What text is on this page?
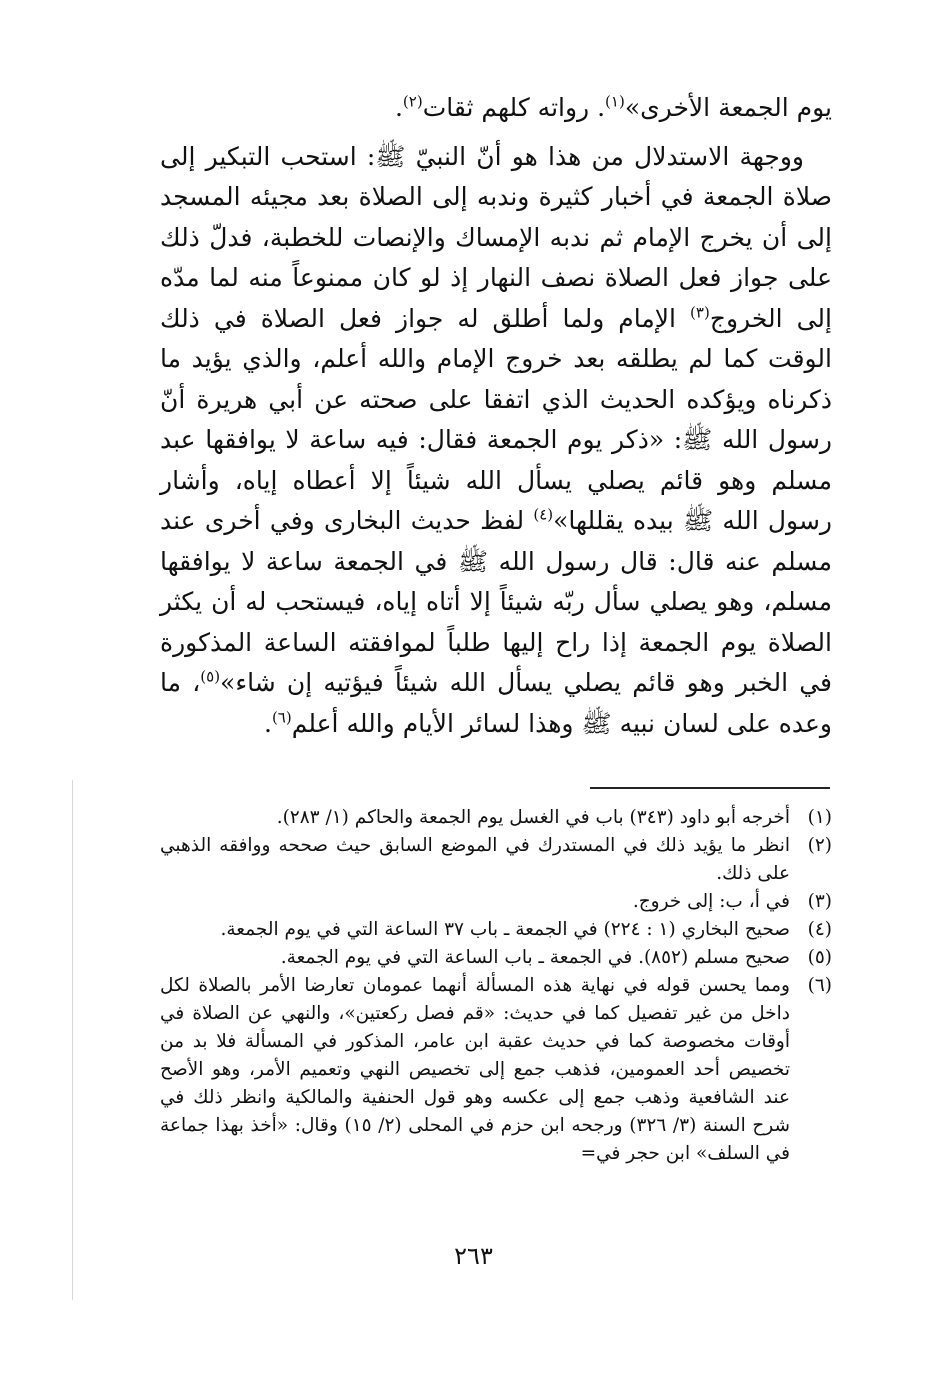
يوم الجمعة الأخرى»$^{(١)}$. رواته كلهم ثقات$^{(٢)}$.

ووجهة الاستدلال من هذا هو أنّ النبيّ ﷺ: استحب التبكير إلى صلاة الجمعة في أخبار كثيرة وندبه إلى الصلاة بعد مجيئه المسجد إلى أن يخرج الإمام ثم ندبه الإمساك والإنصات للخطبة، فدلّ ذلك على جواز فعل الصلاة نصف النهار إذ لو كان ممنوعاً منه لما مدّه إلى الخروج$^{(٣)}$ الإمام ولما أطلق له جواز فعل الصلاة في ذلك الوقت كما لم يطلقه بعد خروج الإمام والله أعلم، والذي يؤيد ما ذكرناه ويؤكده الحديث الذي اتفقا على صحته عن أبي هريرة أنّ رسول الله ﷺ: «ذكر يوم الجمعة فقال: فيه ساعة لا يوافقها عبد مسلم وهو قائم يصلي يسأل الله شيئاً إلا أعطاه إياه، وأشار رسول الله ﷺ بيده يقللها»$^{(٤)}$ لفظ حديث البخارى وفي أخرى عند مسلم عنه قال: قال رسول الله ﷺ في الجمعة ساعة لا يوافقها مسلم، وهو يصلي سأل ربّه شيئاً إلا أتاه إياه، فيستحب له أن يكثر الصلاة يوم الجمعة إذا راح إليها طلباً لموافقته الساعة المذكورة في الخبر وهو قائم يصلي يسأل الله شيئاً فيؤتيه إن شاء»$^{(٥)}$، ما وعده على لسان نبيه ﷺ وهذا لسائر الأيام والله أعلم$^{(٦)}$.

(١)
أخرجه أبو داود (٣٤٣) باب في الغسل يوم الجمعة والحاكم (١/ ٢٨٣).
(٢)
انظر ما يؤيد ذلك في المستدرك في الموضع السابق حيث صححه ووافقه الذهبي على ذلك.
(٣)
في أ، ب: إلى خروج.
(٤)
صحيح البخاري (١ : ٢٢٤) في الجمعة ـ باب ٣٧ الساعة التي في يوم الجمعة.
(٥)
صحيح مسلم (٨٥٢). في الجمعة ـ باب الساعة التي في يوم الجمعة.
(٦)
ومما يحسن قوله في نهاية هذه المسألة أنهما عمومان تعارضا الأمر بالصلاة لكل داخل من غير تفصيل كما في حديث: «قم فصل ركعتين»، والنهي عن الصلاة في أوقات مخصوصة كما في حديث عقبة ابن عامر، المذكور في المسألة فلا بد من تخصيص أحد العمومين، فذهب جمع إلى تخصيص النهي وتعميم الأمر، وهو الأصح عند الشافعية وذهب جمع إلى عكسه وهو قول الحنفية والمالكية وانظر ذلك في شرح السنة (٣/ ٣٢٦) ورجحه ابن حزم في المحلى (٢/ ١٥) وقال: «أخذ بهذا جماعة في السلف» ابن حجر في=
٢٦٣
